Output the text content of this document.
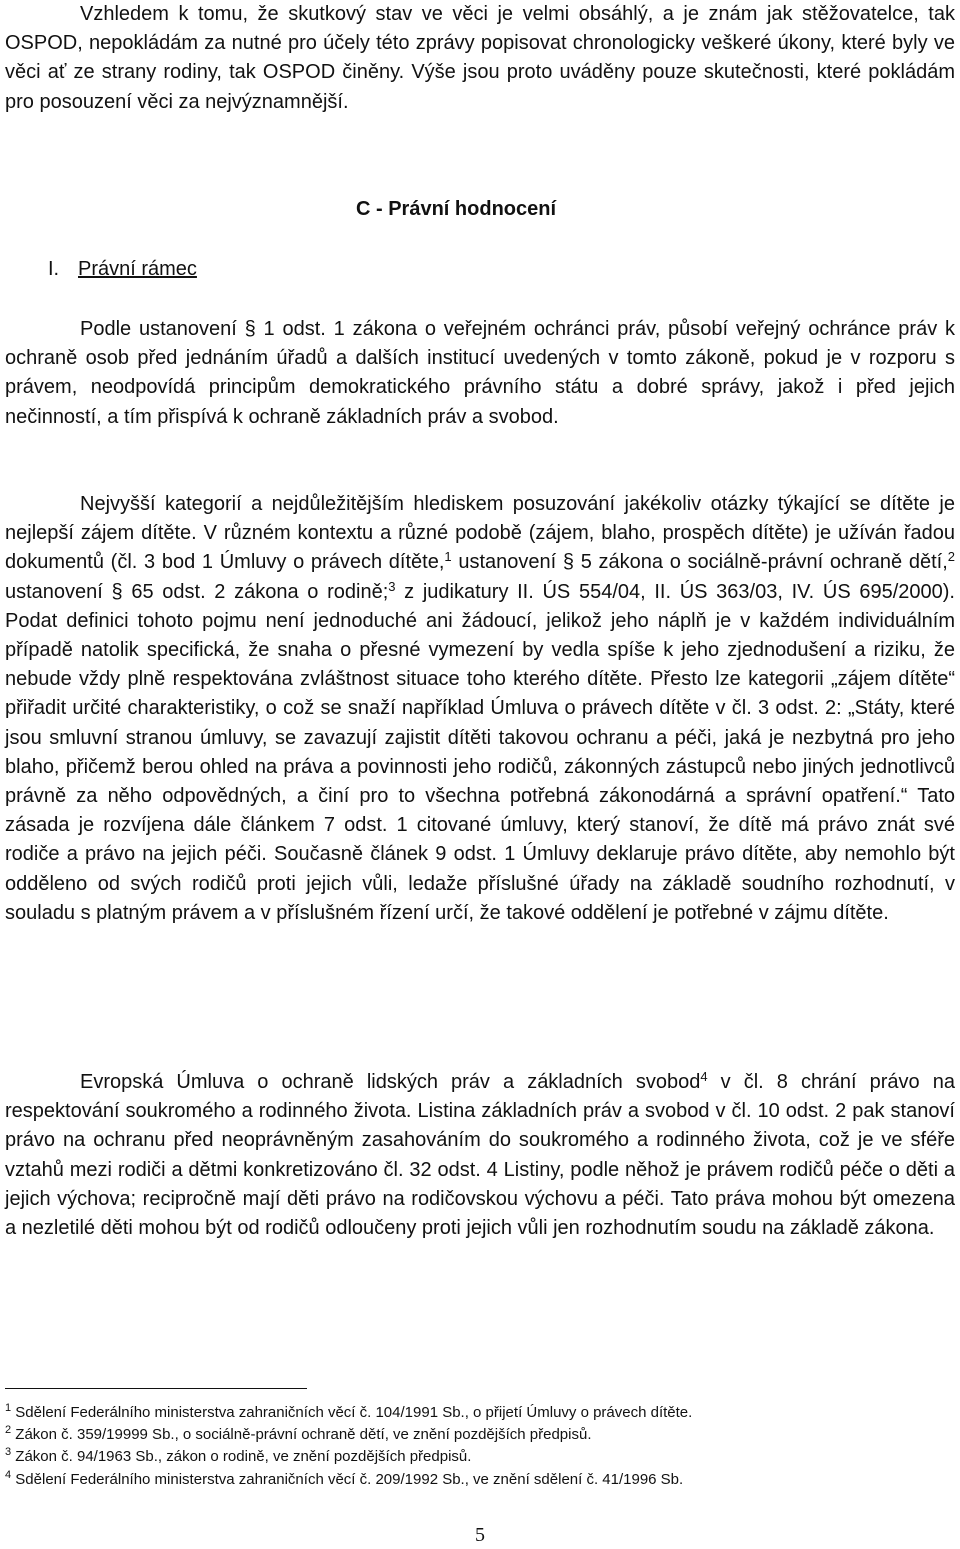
Vzhledem k tomu, že skutkový stav ve věci je velmi obsáhlý, a je znám jak stěžovatelce, tak OSPOD, nepokládám za nutné pro účely této zprávy popisovat chronologicky veškeré úkony, které byly ve věci ať ze strany rodiny, tak OSPOD činěny. Výše jsou proto uváděny pouze skutečnosti, které pokládám pro posouzení věci za nejvýznamnější.

C - Právní hodnocení

I. Právní rámec

Podle ustanovení § 1 odst. 1 zákona o veřejném ochránci práv, působí veřejný ochránce práv k ochraně osob před jednáním úřadů a dalších institucí uvedených v tomto zákoně, pokud je v rozporu s právem, neodpovídá principům demokratického právního státu a dobré správy, jakož i před jejich nečinností, a tím přispívá k ochraně základních práv a svobod.

Nejvyšší kategorií a nejdůležitějším hlediskem posuzování jakékoliv otázky týkající se dítěte je nejlepší zájem dítěte. V různém kontextu a různé podobě (zájem, blaho, prospěch dítěte) je užíván řadou dokumentů (čl. 3 bod 1 Úmluvy o právech dítěte,$^1$ ustanovení § 5 zákona o sociálně-právní ochraně dětí,$^2$ ustanovení § 65 odst. 2 zákona o rodině;$^3$ z judikatury II. ÚS 554/04, II. ÚS 363/03, IV. ÚS 695/2000). Podat definici tohoto pojmu není jednoduché ani žádoucí, jelikož jeho náplň je v každém individuálním případě natolik specifická, že snaha o přesné vymezení by vedla spíše k jeho zjednodušení a riziku, že nebude vždy plně respektována zvláštnost situace toho kterého dítěte. Přesto lze kategorii „zájem dítěte“ přiřadit určité charakteristiky, o což se snaží například Úmluva o právech dítěte v čl. 3 odst. 2: „Státy, které jsou smluvní stranou úmluvy, se zavazují zajistit dítěti takovou ochranu a péči, jaká je nezbytná pro jeho blaho, přičemž berou ohled na práva a povinnosti jeho rodičů, zákonných zástupců nebo jiných jednotlivců právně za něho odpovědných, a činí pro to všechna potřebná zákonodárná a správní opatření.“ Tato zásada je rozvíjena dále článkem 7 odst. 1 citované úmluvy, který stanoví, že dítě má právo znát své rodiče a právo na jejich péči. Současně článek 9 odst. 1 Úmluvy deklaruje právo dítěte, aby nemohlo být odděleno od svých rodičů proti jejich vůli, ledaže příslušné úřady na základě soudního rozhodnutí, v souladu s platným právem a v příslušném řízení určí, že takové oddělení je potřebné v zájmu dítěte.

Evropská Úmluva o ochraně lidských práv a základních svobod$^4$ v čl. 8 chrání právo na respektování soukromého a rodinného života. Listina základních práv a svobod v čl. 10 odst. 2 pak stanoví právo na ochranu před neoprávněným zasahováním do soukromého a rodinného života, což je ve sféře vztahů mezi rodiči a dětmi konkretizováno čl. 32 odst. 4 Listiny, podle něhož je právem rodičů péče o děti a jejich výchova; recipročně mají děti právo na rodičovskou výchovu a péči. Tato práva mohou být omezena a nezletilé děti mohou být od rodičů odloučeny proti jejich vůli jen rozhodnutím soudu na základě zákona.

$^1$ Sdělení Federálního ministerstva zahraničních věcí č. 104/1991 Sb., o přijetí Úmluvy o právech dítěte.
$^2$ Zákon č. 359/19999 Sb., o sociálně-právní ochraně dětí, ve znění pozdějších předpisů.
$^3$ Zákon č. 94/1963 Sb., zákon o rodině, ve znění pozdějších předpisů.
$^4$ Sdělení Federálního ministerstva zahraničních věcí č. 209/1992 Sb., ve znění sdělení č. 41/1996 Sb.
5
